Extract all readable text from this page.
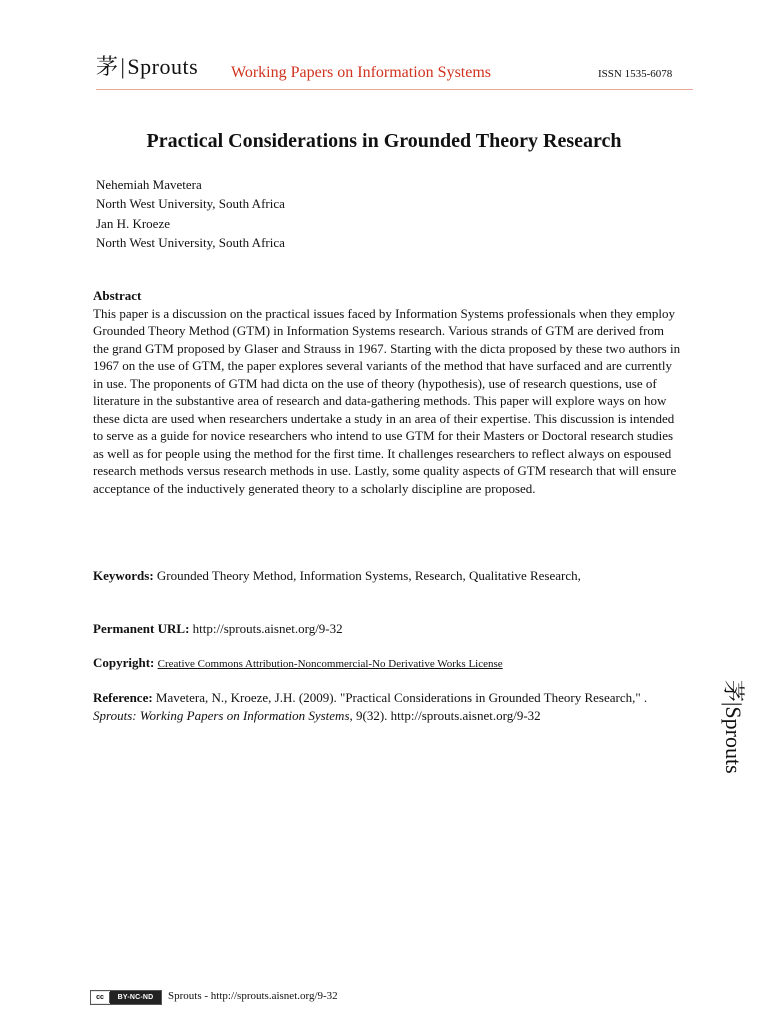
茅|Sprouts Working Papers on Information Systems	ISSN 1535-6078
Practical Considerations in Grounded Theory Research
Nehemiah Mavetera
North West University, South Africa
Jan H. Kroeze
North West University, South Africa
Abstract
This paper is a discussion on the practical issues faced by Information Systems professionals when they employ Grounded Theory Method (GTM) in Information Systems research. Various strands of GTM are derived from the grand GTM proposed by Glaser and Strauss in 1967. Starting with the dicta proposed by these two authors in 1967 on the use of GTM, the paper explores several variants of the method that have surfaced and are currently in use. The proponents of GTM had dicta on the use of theory (hypothesis), use of research questions, use of literature in the substantive area of research and data-gathering methods. This paper will explore ways on how these dicta are used when researchers undertake a study in an area of their expertise. This discussion is intended to serve as a guide for novice researchers who intend to use GTM for their Masters or Doctoral research studies as well as for people using the method for the first time. It challenges researchers to reflect always on espoused research methods versus research methods in use. Lastly, some quality aspects of GTM research that will ensure acceptance of the inductively generated theory to a scholarly discipline are proposed.
Keywords: Grounded Theory Method, Information Systems, Research, Qualitative Research,
Permanent URL: http://sprouts.aisnet.org/9-32
Copyright: Creative Commons Attribution-Noncommercial-No Derivative Works License
Reference: Mavetera, N., Kroeze, J.H. (2009). "Practical Considerations in Grounded Theory Research," . Sprouts: Working Papers on Information Systems, 9(32). http://sprouts.aisnet.org/9-32
茅|Sprouts
cc	BY-NC-ND	Sprouts - http://sprouts.aisnet.org/9-32
